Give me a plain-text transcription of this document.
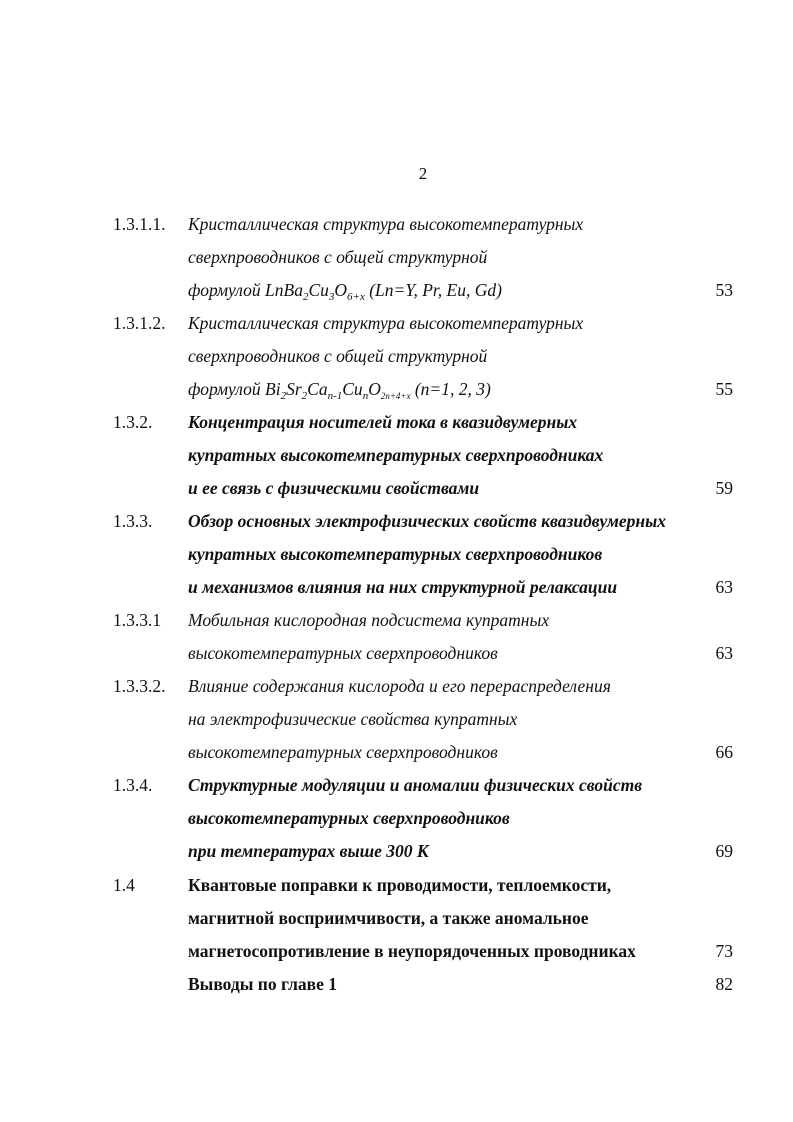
2
1.3.1.1. Кристаллическая структура высокотемпературных
сверхпроводников с общей структурной
формулой $LnBa_2Cu_3O_{6+x}$ (Ln=Y, Pr, Eu, Gd)	53
1.3.1.2. Кристаллическая структура высокотемпературных
сверхпроводников с общей структурной
формулой $Bi_2Sr_2Ca_{n-1}Cu_nO_{2n+4+x}$ (n=1, 2, 3)	55
1.3.2. Концентрация носителей тока в квазидвумерных
купратных высокотемпературных сверхпроводниках
и ее связь с физическими свойствами	59
1.3.3. Обзор основных электрофизических свойств квазидвумерных
купратных высокотемпературных сверхпроводников
и механизмов влияния на них структурной релаксации	63
1.3.3.1 Мобильная кислородная подсистема купратных
высокотемпературных сверхпроводников	63
1.3.3.2. Влияние содержания кислорода и его перераспределения
на электрофизические свойства купратных
высокотемпературных сверхпроводников	66
1.3.4. Структурные модуляции и аномалии физических свойств
высокотемпературных сверхпроводников
при температурах выше 300 К	69
1.4	Квантовые поправки к проводимости, теплоемкости,
магнитной восприимчивости, а также аномальное
магнетосопротивление в неупорядоченных проводниках	73
Выводы по главе 1	82
